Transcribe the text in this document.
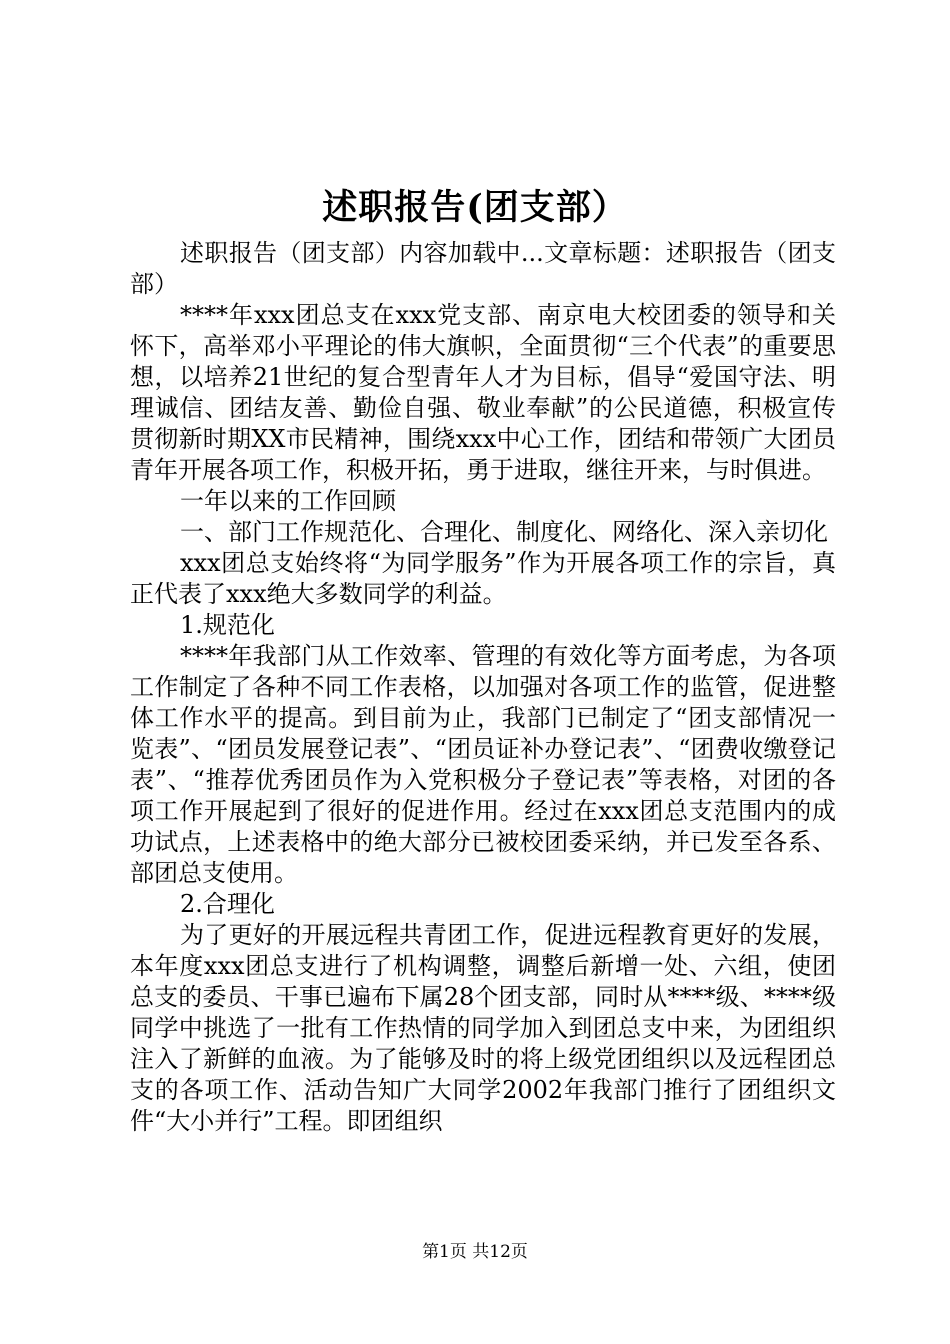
述职报告(团支部）

述职报告（团支部）内容加载中...文章标题：述职报告（团支部）

****年xxx团总支在xxx党支部、南京电大校团委的领导和关怀下，高举邓小平理论的伟大旗帜，全面贯彻“三个代表”的重要思想，以培养21世纪的复合型青年人才为目标，倡导“爱国守法、明理诚信、团结友善、勤俭自强、敬业奉献”的公民道德，积极宣传贯彻新时期XX市民精神，围绕xxx中心工作，团结和带领广大团员青年开展各项工作，积极开拓，勇于进取，继往开来，与时俱进。

一年以来的工作回顾

一、部门工作规范化、合理化、制度化、网络化、深入亲切化

xxx团总支始终将“为同学服务”作为开展各项工作的宗旨，真正代表了xxx绝大多数同学的利益。

1.规范化

****年我部门从工作效率、管理的有效化等方面考虑，为各项工作制定了各种不同工作表格，以加强对各项工作的监管，促进整体工作水平的提高。到目前为止，我部门已制定了“团支部情况一览表”、“团员发展登记表”、“团员证补办登记表”、“团费收缴登记表”、“推荐优秀团员作为入党积极分子登记表”等表格，对团的各项工作开展起到了很好的促进作用。经过在xxx团总支范围内的成功试点，上述表格中的绝大部分已被校团委采纳，并已发至各系、部团总支使用。

2.合理化

为了更好的开展远程共青团工作，促进远程教育更好的发展，本年度xxx团总支进行了机构调整，调整后新增一处、六组，使团总支的委员、干事已遍布下属28个团支部，同时从****级、****级同学中挑选了一批有工作热情的同学加入到团总支中来，为团组织注入了新鲜的血液。为了能够及时的将上级党团组织以及远程团总支的各项工作、活动告知广大同学2002年我部门推行了团组织文件“大小并行”工程。即团组织

第1页 共12页
